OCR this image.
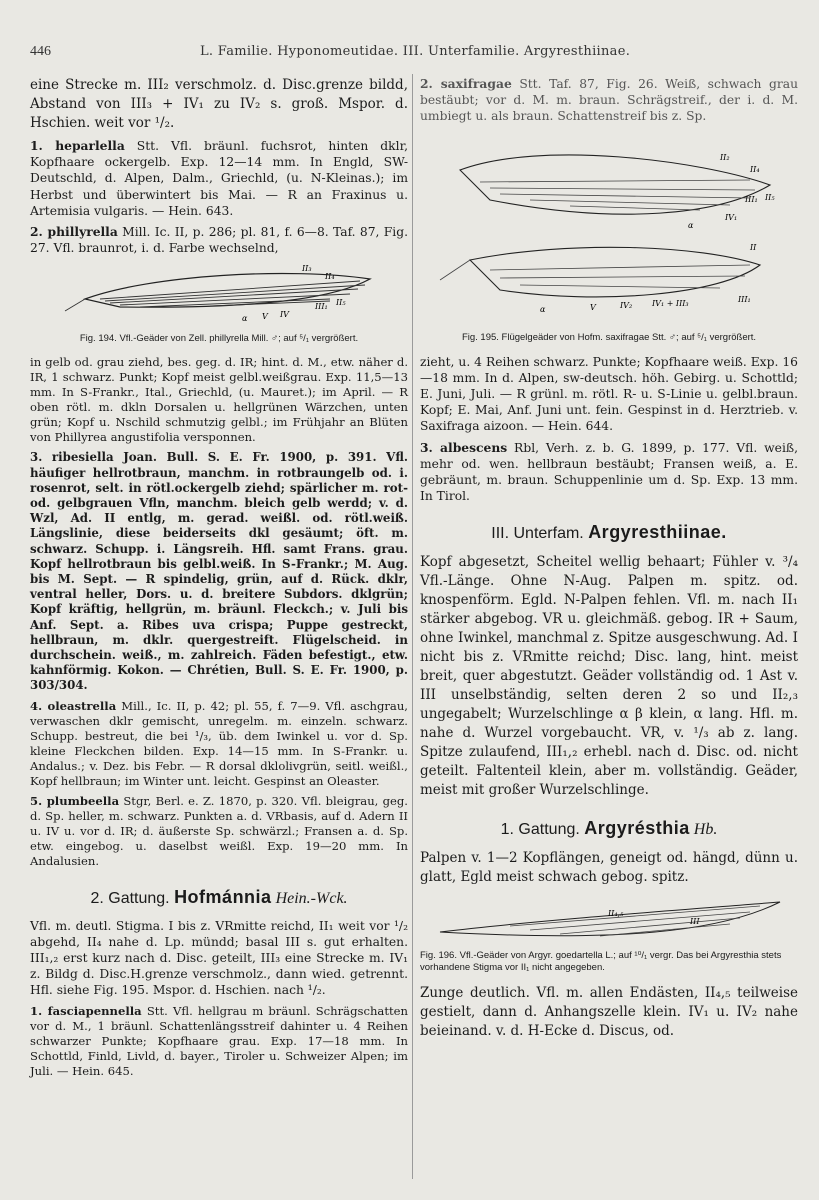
446	L. Familie. Hyponomeutidae. III. Unterfamilie. Argyresthiinae.

eine Strecke m. III₂ verschmolz. d. Disc.grenze bildd, Abstand von III₃ + IV₁ zu IV₂ s. groß. Mspor. d. Hschien. weit vor ¹/₂.

1. heparlella Stt. Vfl. bräunl. fuchsrot, hinten dklr, Kopfhaare ockergelb. Exp. 12—14 mm. In Engld, SW-Deutschld, d. Alpen, Dalm., Griechld, (u. N-Kleinas.); im Herbst und überwintert bis Mai. — R an Fraxinus u. Artemisia vulgaris. — Hein. 643.

2. phillyrella Mill. Ic. II, p. 286; pl. 81, f. 6—8. Taf. 87, Fig. 27. Vfl. braunrot, i. d. Farbe wechselnd,

II₃
II₄
III₁ II₅
α V IV

Fig. 194. Vfl.-Geäder von Zell. phillyrella Mill. ♂; auf ⁵/₁ vergrößert.

in gelb od. grau ziehd, bes. geg. d. IR; hint. d. M., etw. näher d. IR, 1 schwarz. Punkt; Kopf meist gelbl.weißgrau. Exp. 11,5—13 mm. In S-Frankr., Ital., Griechld, (u. Mauret.); im April. — R oben rötl. m. dkln Dorsalen u. hellgrünen Wärzchen, unten grün; Kopf u. Nschild schmutzig gelbl.; im Frühjahr an Blüten von Phillyrea angustifolia versponnen.

3. ribesiella Joan. Bull. S. E. Fr. 1900, p. 391. Vfl. häufiger hellrotbraun, manchm. in rotbraungelb od. i. rosenrot, selt. in rötl.ockergelb ziehd; spärlicher m. rot- od. gelbgrauen Vfln, manchm. bleich gelb werdd; v. d. Wzl, Ad. II entlg, m. gerad. weißl. od. rötl.weiß. Längslinie, diese beiderseits dkl gesäumt; öft. m. schwarz. Schupp. i. Längsreih. Hfl. samt Frans. grau. Kopf hellrotbraun bis gelbl.weiß. In S-Frankr.; M. Aug. bis M. Sept. — R spindelig, grün, auf d. Rück. dklr, ventral heller, Dors. u. d. breitere Subdors. dklgrün; Kopf kräftig, hellgrün, m. bräunl. Fleckch.; v. Juli bis Anf. Sept. a. Ribes uva crispa; Puppe gestreckt, hellbraun, m. dklr. quergestreift. Flügelscheid. in durchschein. weiß., m. zahlreich. Fäden befestigt., etw. kahnförmig. Kokon. — Chrétien, Bull. S. E. Fr. 1900, p. 303/304.

4. oleastrella Mill., Ic. II, p. 42; pl. 55, f. 7—9. Vfl. aschgrau, verwaschen dklr gemischt, unregelm. m. einzeln. schwarz. Schupp. bestreut, die bei ¹/₃, üb. dem Iwinkel u. vor d. Sp. kleine Fleckchen bilden. Exp. 14—15 mm. In S-Frankr. u. Andalus.; v. Dez. bis Febr. — R dorsal dklolivgrün, seitl. weißl., Kopf hellbraun; im Winter unt. leicht. Gespinst an Oleaster.

5. plumbeella Stgr, Berl. e. Z. 1870, p. 320. Vfl. bleigrau, geg. d. Sp. heller, m. schwarz. Punkten a. d. VRbasis, auf d. Adern II u. IV u. vor d. IR; d. äußerste Sp. schwärzl.; Fransen a. d. Sp. etw. eingebog. u. daselbst weißl. Exp. 19—20 mm. In Andalusien.

2. Gattung. Hofmánnia Hein.-Wck.

Vfl. m. deutl. Stigma. I bis z. VRmitte reichd, II₁ weit vor ¹/₂ abgehd, II₄ nahe d. Lp. mündd; basal III s. gut erhalten. III₁,₂ erst kurz nach d. Disc. geteilt, III₃ eine Strecke m. IV₁ z. Bildg d. Disc.H.grenze verschmolz., dann wied. getrennt. Hfl. siehe Fig. 195. Mspor. d. Hschien. nach ¹/₂.

1. fasciapennella Stt. Vfl. hellgrau m bräunl. Schrägschatten vor d. M., 1 bräunl. Schattenlängsstreif dahinter u. 4 Reihen schwarzer Punkte; Kopfhaare grau. Exp. 17—18 mm. In Schottld, Finld, Livld, d. bayer., Tiroler u. Schweizer Alpen; im Juli. — Hein. 645.

2. saxifragae Stt. Taf. 87, Fig. 26. Weiß, schwach grau bestäubt; vor d. M. m. braun. Schrägstreif., der i. d. M. umbiegt u. als braun. Schattenstreif bis z. Sp.

II₂
II₄
II₅
III₁
IV₁
α
II
III₁
α	V	IV₂ IV₁ + III₃

Fig. 195. Flügelgeäder von Hofm. saxifragae Stt. ♂; auf ⁵/₁ vergrößert.

zieht, u. 4 Reihen schwarz. Punkte; Kopfhaare weiß. Exp. 16—18 mm. In d. Alpen, sw-deutsch. höh. Gebirg. u. Schottld; E. Juni, Juli. — R grünl. m. rötl. R- u. S-Linie u. gelbl.braun. Kopf; E. Mai, Anf. Juni unt. fein. Gespinst in d. Herztrieb. v. Saxifraga aizoon. — Hein. 644.

3. albescens Rbl, Verh. z. b. G. 1899, p. 177. Vfl. weiß, mehr od. wen. hellbraun bestäubt; Fransen weiß, a. E. gebräunt, m. braun. Schuppenlinie um d. Sp. Exp. 13 mm. In Tirol.

III. Unterfam. Argyresthiinae.

Kopf abgesetzt, Scheitel wellig behaart; Fühler v. ³/₄ Vfl.-Länge. Ohne N-Aug. Palpen m. spitz. od. knospenförm. Egld. N-Palpen fehlen. Vfl. m. nach II₁ stärker abgebog. VR u. gleichmäß. gebog. IR + Saum, ohne Iwinkel, manchmal z. Spitze ausgeschwung. Ad. I nicht bis z. VRmitte reichd; Disc. lang, hint. meist breit, quer abgestutzt. Geäder vollständig od. 1 Ast v. III unselbständig, selten deren 2 so und II₂,₃ ungegabelt; Wurzelschlinge α β klein, α lang. Hfl. m. nahe d. Wurzel vorgebaucht. VR, v. ¹/₃ ab z. lang. Spitze zulaufend, III₁,₂ erhebl. nach d. Disc. od. nicht geteilt. Faltenteil klein, aber m. vollständig. Geäder, meist mit großer Wurzelschlinge.

1. Gattung. Argyrésthia Hb.

Palpen v. 1—2 Kopflängen, geneigt od. hängd, dünn u. glatt, Egld meist schwach gebog. spitz.

II₄,₅
III

Fig. 196. Vfl.-Geäder von Argyr. goedartella L.; auf ¹⁰/₁ vergr. Das bei Argyresthia stets vorhandene Stigma vor II₁ nicht angegeben.

Zunge deutlich. Vfl. m. allen Endästen, II₄,₅ teilweise gestielt, dann d. Anhangszelle klein. IV₁ u. IV₂ nahe beieinand. v. d. H-Ecke d. Discus, od.
